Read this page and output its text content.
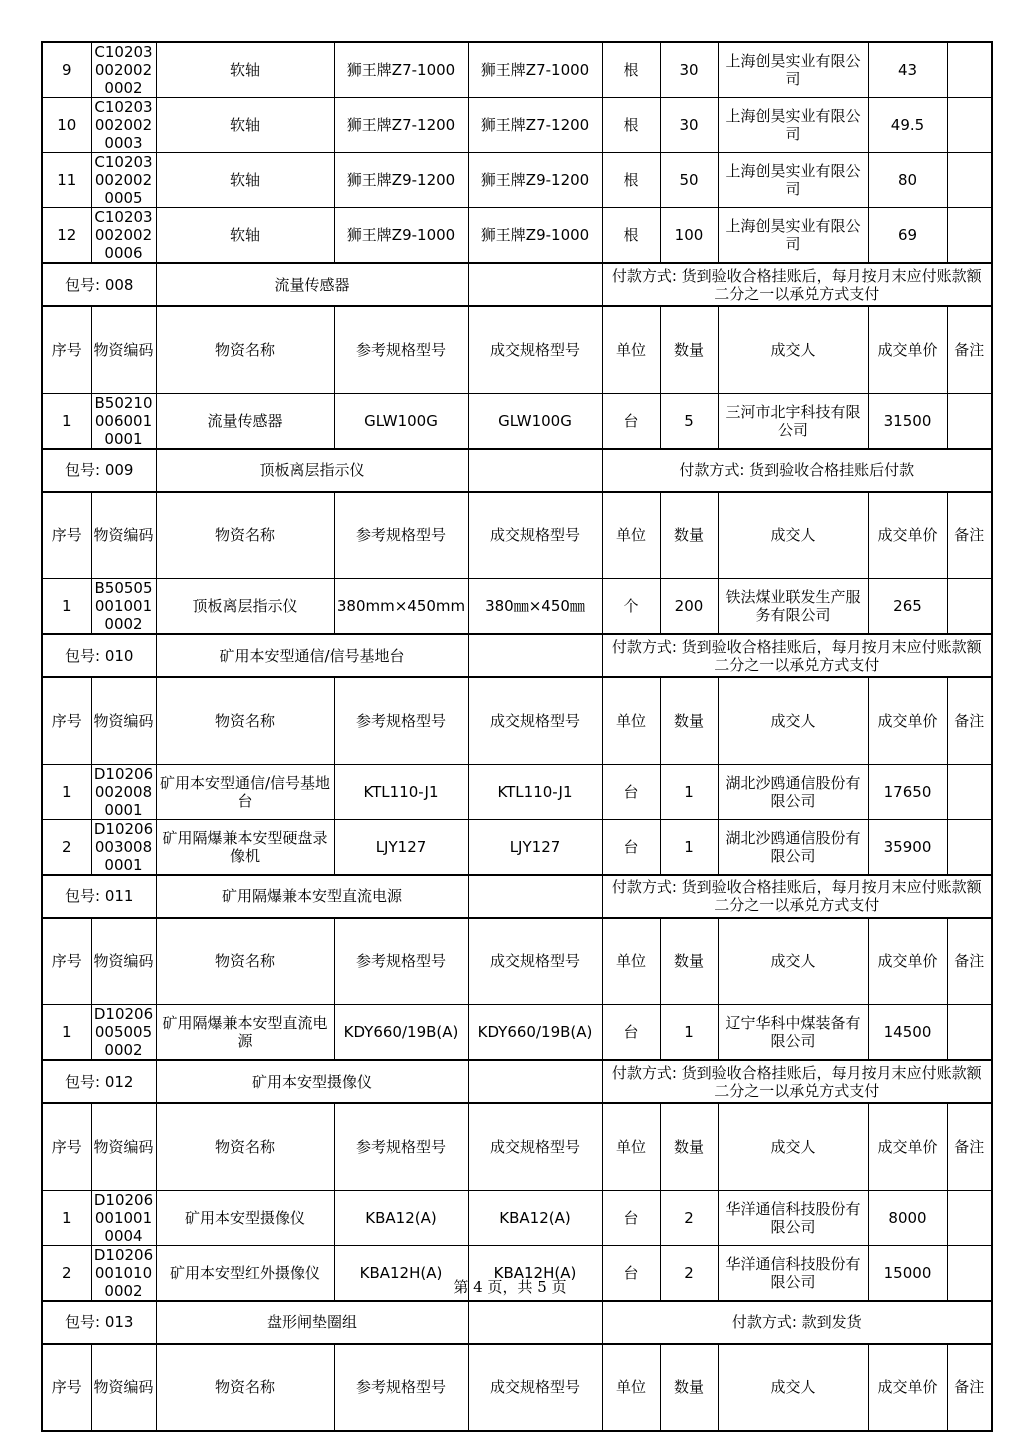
9	C102030020020002	软轴	狮王牌Z7-1000	狮王牌Z7-1000	根	30	上海创昊实业有限公司	43	
10	C102030020020003	软轴	狮王牌Z7-1200	狮王牌Z7-1200	根	30	上海创昊实业有限公司	49.5	
11	C102030020020005	软轴	狮王牌Z9-1200	狮王牌Z9-1200	根	50	上海创昊实业有限公司	80	
12	C102030020020006	软轴	狮王牌Z9-1000	狮王牌Z9-1000	根	100	上海创昊实业有限公司	69	
包号: 008		流量传感器			付款方式: 货到验收合格挂账后，每月按月末应付账款额二分之一以承兑方式支付				
序号	物资编码	物资名称	参考规格型号	成交规格型号	单位	数量	成交人	成交单价	备注
1	B502100060010001	流量传感器	GLW100G	GLW100G	台	5	三河市北宇科技有限公司	31500	
包号: 009		顶板离层指示仪			付款方式: 货到验收合格挂账后付款				
序号	物资编码	物资名称	参考规格型号	成交规格型号	单位	数量	成交人	成交单价	备注
1	B505050010010002	顶板离层指示仪	380mm×450mm	380㎜×450㎜	个	200	铁法煤业联发生产服务有限公司	265	
包号: 010		矿用本安型通信/信号基地台			付款方式: 货到验收合格挂账后，每月按月末应付账款额二分之一以承兑方式支付				
序号	物资编码	物资名称	参考规格型号	成交规格型号	单位	数量	成交人	成交单价	备注
1	D102060020080001	矿用本安型通信/信号基地台	KTL110-J1	KTL110-J1	台	1	湖北沙鸥通信股份有限公司	17650	
2	D102060030080001	矿用隔爆兼本安型硬盘录像机	LJY127	LJY127	台	1	湖北沙鸥通信股份有限公司	35900	
包号: 011		矿用隔爆兼本安型直流电源			付款方式: 货到验收合格挂账后，每月按月末应付账款额二分之一以承兑方式支付				
序号	物资编码	物资名称	参考规格型号	成交规格型号	单位	数量	成交人	成交单价	备注
1	D102060050050002	矿用隔爆兼本安型直流电源	KDY660/19B(A)	KDY660/19B(A)	台	1	辽宁华科中煤装备有限公司	14500	
包号: 012		矿用本安型摄像仪			付款方式: 货到验收合格挂账后，每月按月末应付账款额二分之一以承兑方式支付				
序号	物资编码	物资名称	参考规格型号	成交规格型号	单位	数量	成交人	成交单价	备注
1	D102060010010004	矿用本安型摄像仪	KBA12(A)	KBA12(A)	台	2	华洋通信科技股份有限公司	8000	
2	D102060010100002	矿用本安型红外摄像仪	KBA12H(A)	KBA12H(A)	台	2	华洋通信科技股份有限公司	15000	
包号: 013		盘形闸垫圈组			付款方式: 款到发货				
序号	物资编码	物资名称	参考规格型号	成交规格型号	单位	数量	成交人	成交单价	备注
第 4 页，共 5 页
